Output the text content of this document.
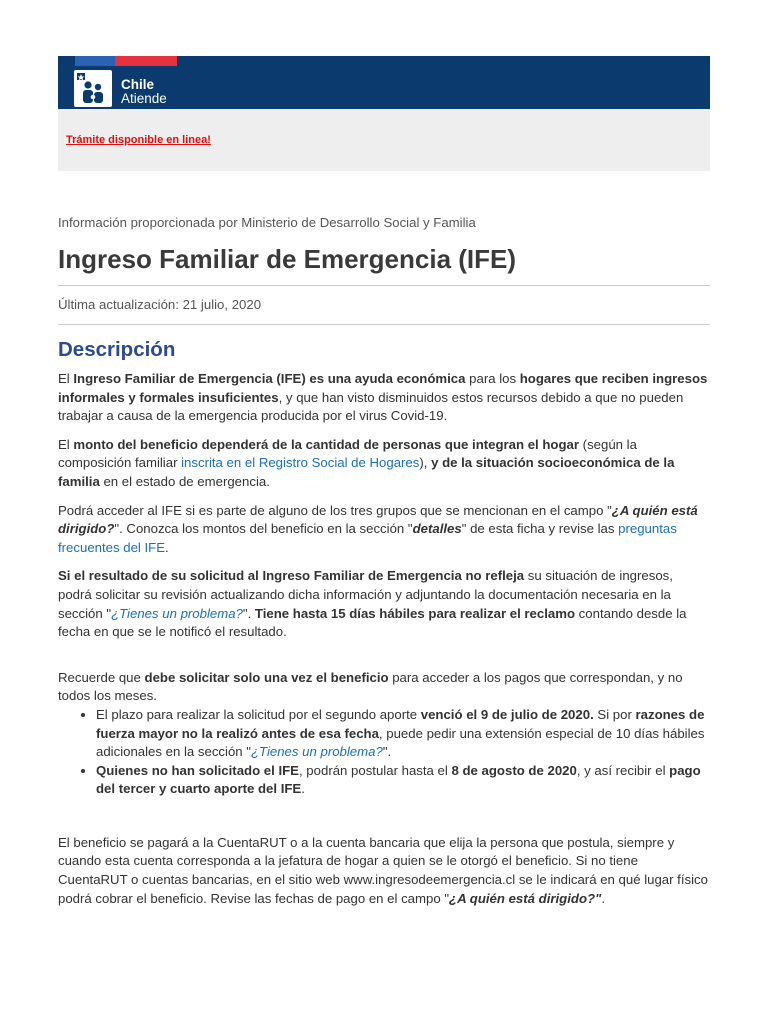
Chile
Atiende
Trámite disponible en linea!

Información proporcionada por Ministerio de Desarrollo Social y Familia

Ingreso Familiar de Emergencia (IFE)

Última actualización: 21 julio, 2020

Descripción

El Ingreso Familiar de Emergencia (IFE) es una ayuda económica para los hogares que reciben ingresos informales y formales insuficientes, y que han visto disminuidos estos recursos debido a que no pueden trabajar a causa de la emergencia producida por el virus Covid-19.

El monto del beneficio dependerá de la cantidad de personas que integran el hogar (según la composición familiar inscrita en el Registro Social de Hogares), y de la situación socioeconómica de la familia en el estado de emergencia.

Podrá acceder al IFE si es parte de alguno de los tres grupos que se mencionan en el campo "¿A quién está dirigido?". Conozca los montos del beneficio en la sección "detalles" de esta ficha y revise las preguntas frecuentes del IFE.

Si el resultado de su solicitud al Ingreso Familiar de Emergencia no refleja su situación de ingresos, podrá solicitar su revisión actualizando dicha información y adjuntando la documentación necesaria en la sección "¿Tienes un problema?". Tiene hasta 15 días hábiles para realizar el reclamo contando desde la fecha en que se le notificó el resultado.

Recuerde que debe solicitar solo una vez el beneficio para acceder a los pagos que correspondan, y no todos los meses.

• El plazo para realizar la solicitud por el segundo aporte venció el 9 de julio de 2020. Si por razones de fuerza mayor no la realizó antes de esa fecha, puede pedir una extensión especial de 10 días hábiles adicionales en la sección "¿Tienes un problema?".
• Quienes no han solicitado el IFE, podrán postular hasta el 8 de agosto de 2020, y así recibir el pago del tercer y cuarto aporte del IFE.

El beneficio se pagará a la CuentaRUT o a la cuenta bancaria que elija la persona que postula, siempre y cuando esta cuenta corresponda a la jefatura de hogar a quien se le otorgó el beneficio. Si no tiene CuentaRUT o cuentas bancarias, en el sitio web www.ingresodeemergencia.cl se le indicará en qué lugar físico podrá cobrar el beneficio. Revise las fechas de pago en el campo "¿A quién está dirigido?".
